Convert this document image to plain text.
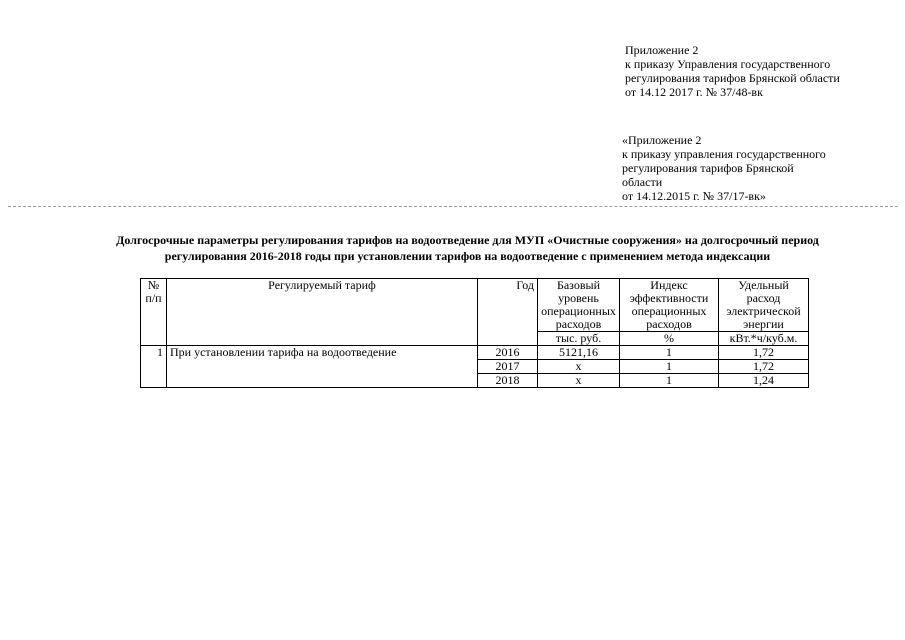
Приложение 2
к приказу Управления государственного
регулирования тарифов Брянской области
от 14.12 2017 г. № 37/48-вк
«Приложение 2
к приказу управления государственного
регулирования тарифов Брянской
области
от 14.12.2015 г. № 37/17-вк»
Долгосрочные параметры регулирования тарифов на водоотведение для МУП «Очистные сооружения» на долгосрочный период регулирования 2016-2018 годы при установлении тарифов на водоотведение с применением метода индексации
№ п/п	Регулируемый тариф	Год	Базовый уровень операционных расходов	Индекс эффективности операционных расходов	Удельный расход электрической энергии
			тыс. руб.	%	кВт.*ч/куб.м.
1	При установлении тарифа на водоотведение	2016	5121,16	1	1,72
		2017	х	1	1,72
		2018	х	1	1,24
